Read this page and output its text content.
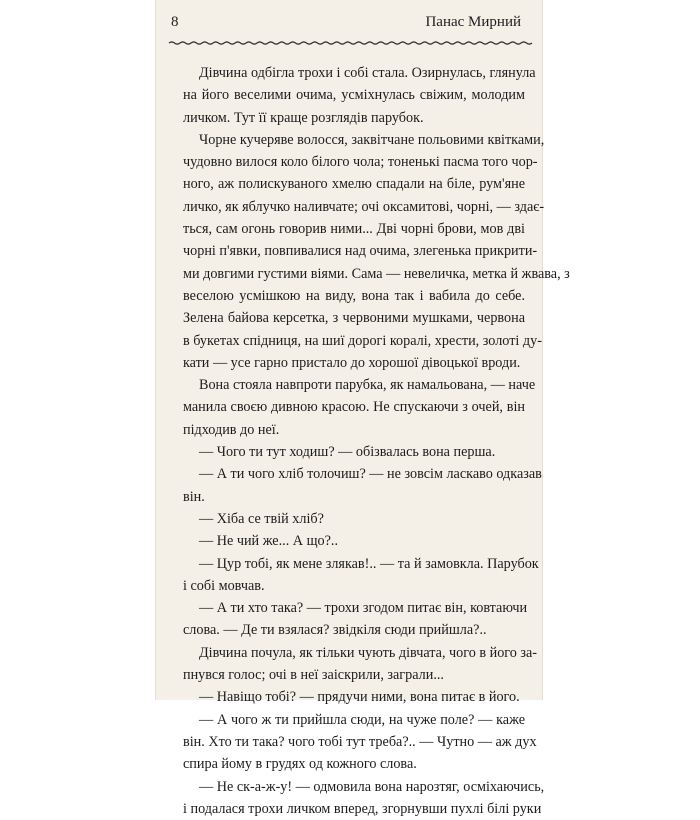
8	Панас Мирний
Дівчина одбігла трохи і собі стала. Озирнулась, глянула
на його веселими очима, усміхнулась свіжим, молодим
личком. Тут її краще розглядів парубок.
Чорне кучеряве волосся, заквітчане польовими квітками,
чудовно вилося коло білого чола; тоненькі пасма того чор-
ного, аж полискуваного хмелю спадали на біле, рум'яне
личко, як яблучко наливчате; очі оксамитові, чорні, — здає-
ться, сам огонь говорив ними... Дві чорні брови, мов дві
чорні п'явки, повпивалися над очима, злегенька прикрити-
ми довгими густими віями. Сама — невеличка, метка й жвава, з
веселою усмішкою на виду, вона так і вабила до себе.
Зелена байова керсетка, з червоними мушками, червона
в букетах спідниця, на шиї дорогі коралі, хрести, золоті ду-
кати — усе гарно пристало до хорошої дівоцької вроди.
Вона стояла навпроти парубка, як намальована, — наче
манила своєю дивною красою. Не спускаючи з очей, він
підходив до неї.
— Чого ти тут ходиш? — обізвалась вона перша.
— А ти чого хліб толочиш? — не зовсім ласкаво одказав
він.
— Хіба се твій хліб?
— Не чий же... А що?..
— Цур тобі, як мене злякав!.. — та й замовкла. Парубок
і собі мовчав.
— А ти хто така? — трохи згодом питає він, ковтаючи
слова. — Де ти взялася? звідкіля сюди прийшла?..
Дівчина почула, як тільки чують дівчата, чого в його за-
пнувся голос; очі в неї заіскрили, заграли...
— Навіщо тобі? — прядучи ними, вона питає в його.
— А чого ж ти прийшла сюди, на чуже поле? — каже
він. Хто ти така? чого тобі тут треба?.. — Чутно — аж дух
спира йому в грудях од кожного слова.
— Не ск-а-ж-у! — одмовила вона нарозтяг, осміхаючись,
і подалася трохи личком вперед, згорнувши пухлі білі руки
